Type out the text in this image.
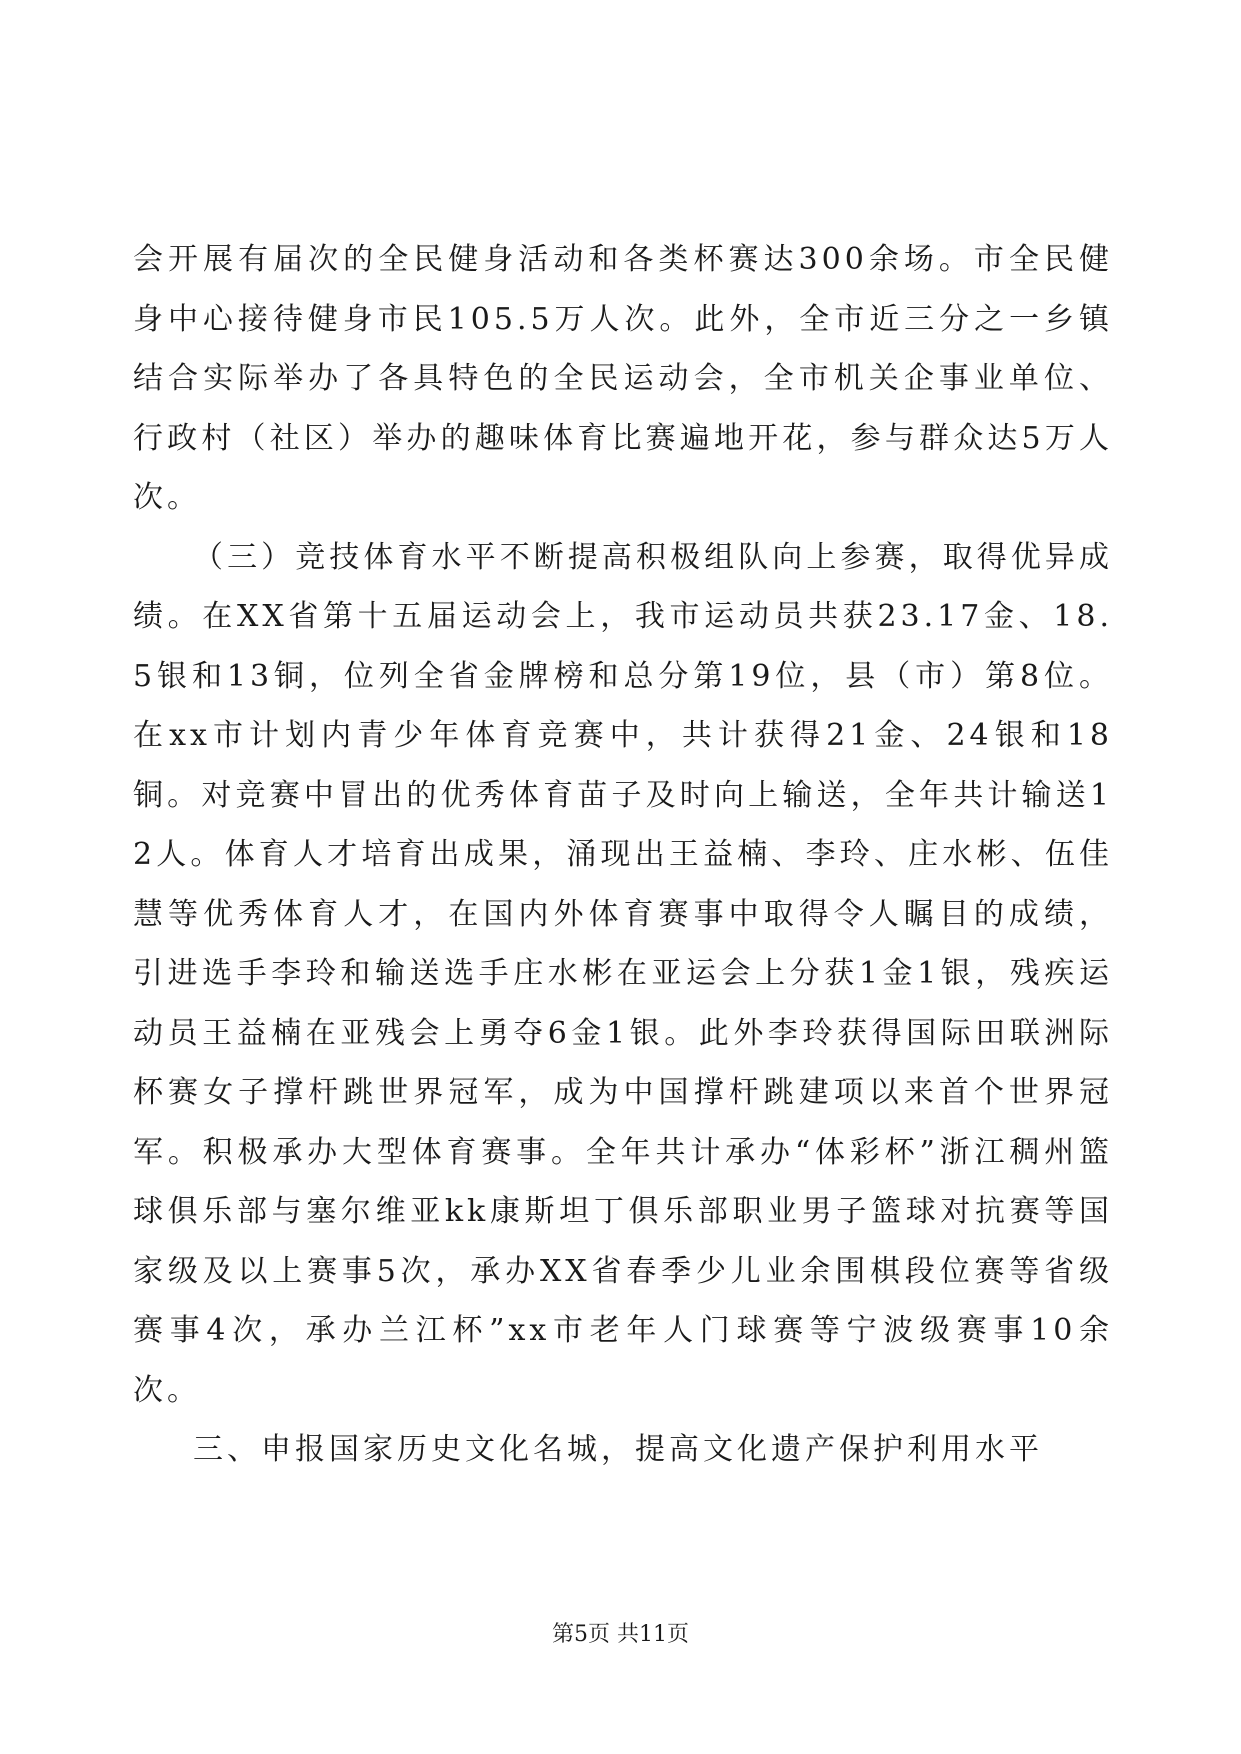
会开展有届次的全民健身活动和各类杯赛达300余场。市全民健身中心接待健身市民105.5万人次。此外，全市近三分之一乡镇结合实际举办了各具特色的全民运动会，全市机关企事业单位、行政村（社区）举办的趣味体育比赛遍地开花，参与群众达5万人次。

（三）竞技体育水平不断提高积极组队向上参赛，取得优异成绩。在XX省第十五届运动会上，我市运动员共获23.17金、18.5银和13铜，位列全省金牌榜和总分第19位，县（市）第8位。在xx市计划内青少年体育竞赛中，共计获得21金、24银和18铜。对竞赛中冒出的优秀体育苗子及时向上输送，全年共计输送12人。体育人才培育出成果，涌现出王益楠、李玲、庄水彬、伍佳慧等优秀体育人才，在国内外体育赛事中取得令人瞩目的成绩，引进选手李玲和输送选手庄水彬在亚运会上分获1金1银，残疾运动员王益楠在亚残会上勇夺6金1银。此外李玲获得国际田联洲际杯赛女子撑杆跳世界冠军，成为中国撑杆跳建项以来首个世界冠军。积极承办大型体育赛事。全年共计承办“体彩杯”浙江稠州篮球俱乐部与塞尔维亚kk康斯坦丁俱乐部职业男子篮球对抗赛等国家级及以上赛事5次，承办XX省春季少儿业余围棋段位赛等省级赛事4次，承办兰江杯”xx市老年人门球赛等宁波级赛事10余次。

三、申报国家历史文化名城，提高文化遗产保护利用水平

第5页 共11页
